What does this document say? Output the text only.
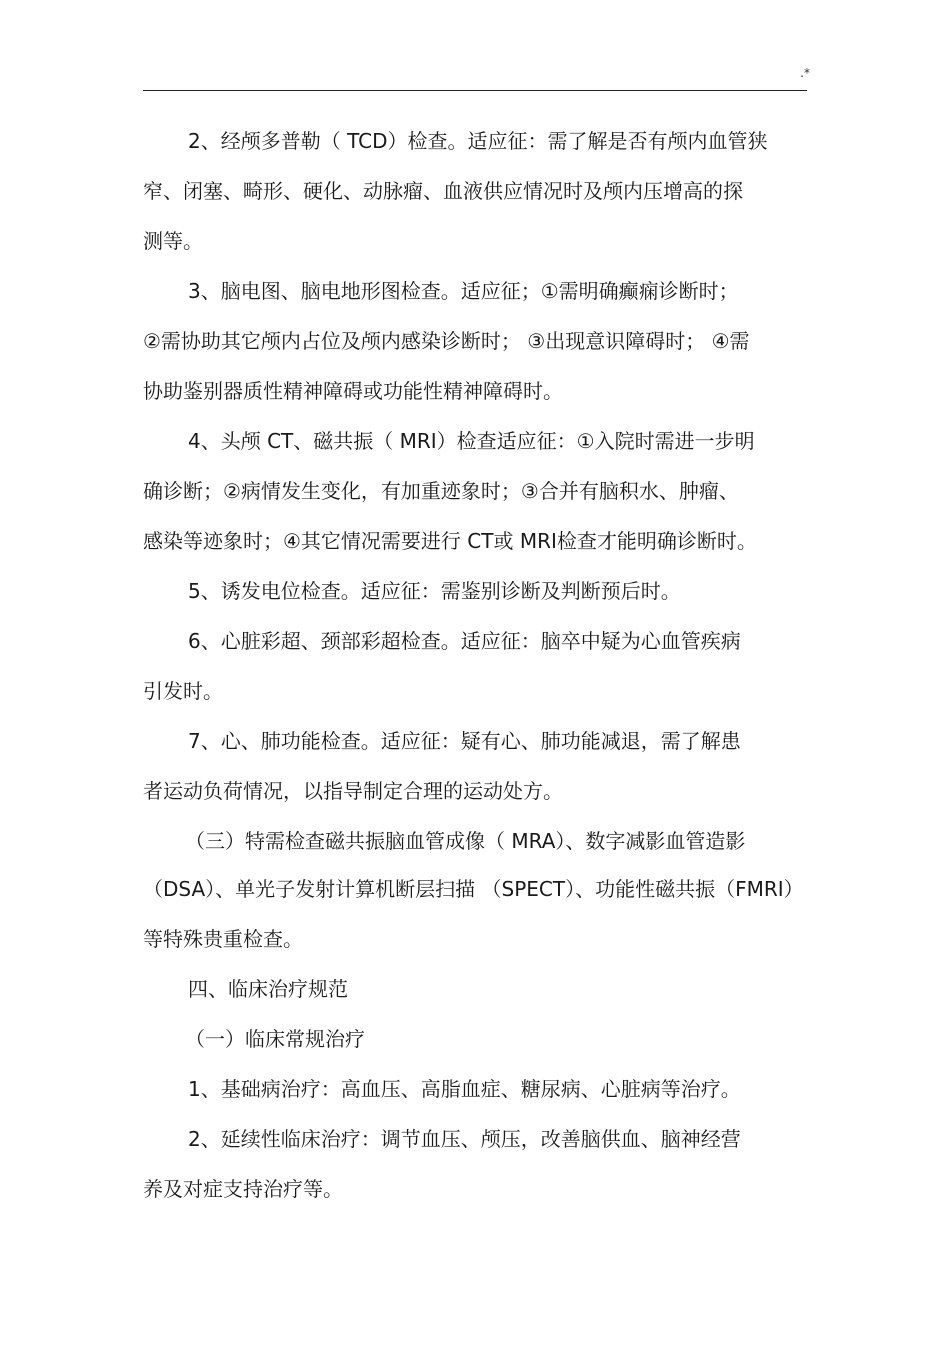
.*
2、经颅多普勒（ TCD）检查。适应征：需了解是否有颅内血管狭
窄、闭塞、畸形、硬化、动脉瘤、血液供应情况时及颅内压增高的探
测等。
3、脑电图、脑电地形图检查。适应征；①需明确癫痫诊断时；
②需协助其它颅内占位及颅内感染诊断时； ③出现意识障碍时； ④需
协助鉴别器质性精神障碍或功能性精神障碍时。
4、头颅 CT、磁共振（ MRI）检查适应征：①入院时需进一步明
确诊断；②病情发生变化，有加重迹象时；③合并有脑积水、肿瘤、
感染等迹象时；④其它情况需要进行 CT或 MRI检查才能明确诊断时。
5、诱发电位检查。适应征：需鉴别诊断及判断预后时。
6、心脏彩超、颈部彩超检查。适应征：脑卒中疑为心血管疾病
引发时。
7、心、肺功能检查。适应征：疑有心、肺功能减退，需了解患
者运动负荷情况，以指导制定合理的运动处方。
（三）特需检查磁共振脑血管成像（ MRA）、数字减影血管造影
（DSA）、单光子发射计算机断层扫描 （SPECT）、功能性磁共振（FMRI）
等特殊贵重检查。
四、临床治疗规范
（一）临床常规治疗
1、基础病治疗：高血压、高脂血症、糖尿病、心脏病等治疗。
2、延续性临床治疗：调节血压、颅压，改善脑供血、脑神经营
养及对症支持治疗等。
